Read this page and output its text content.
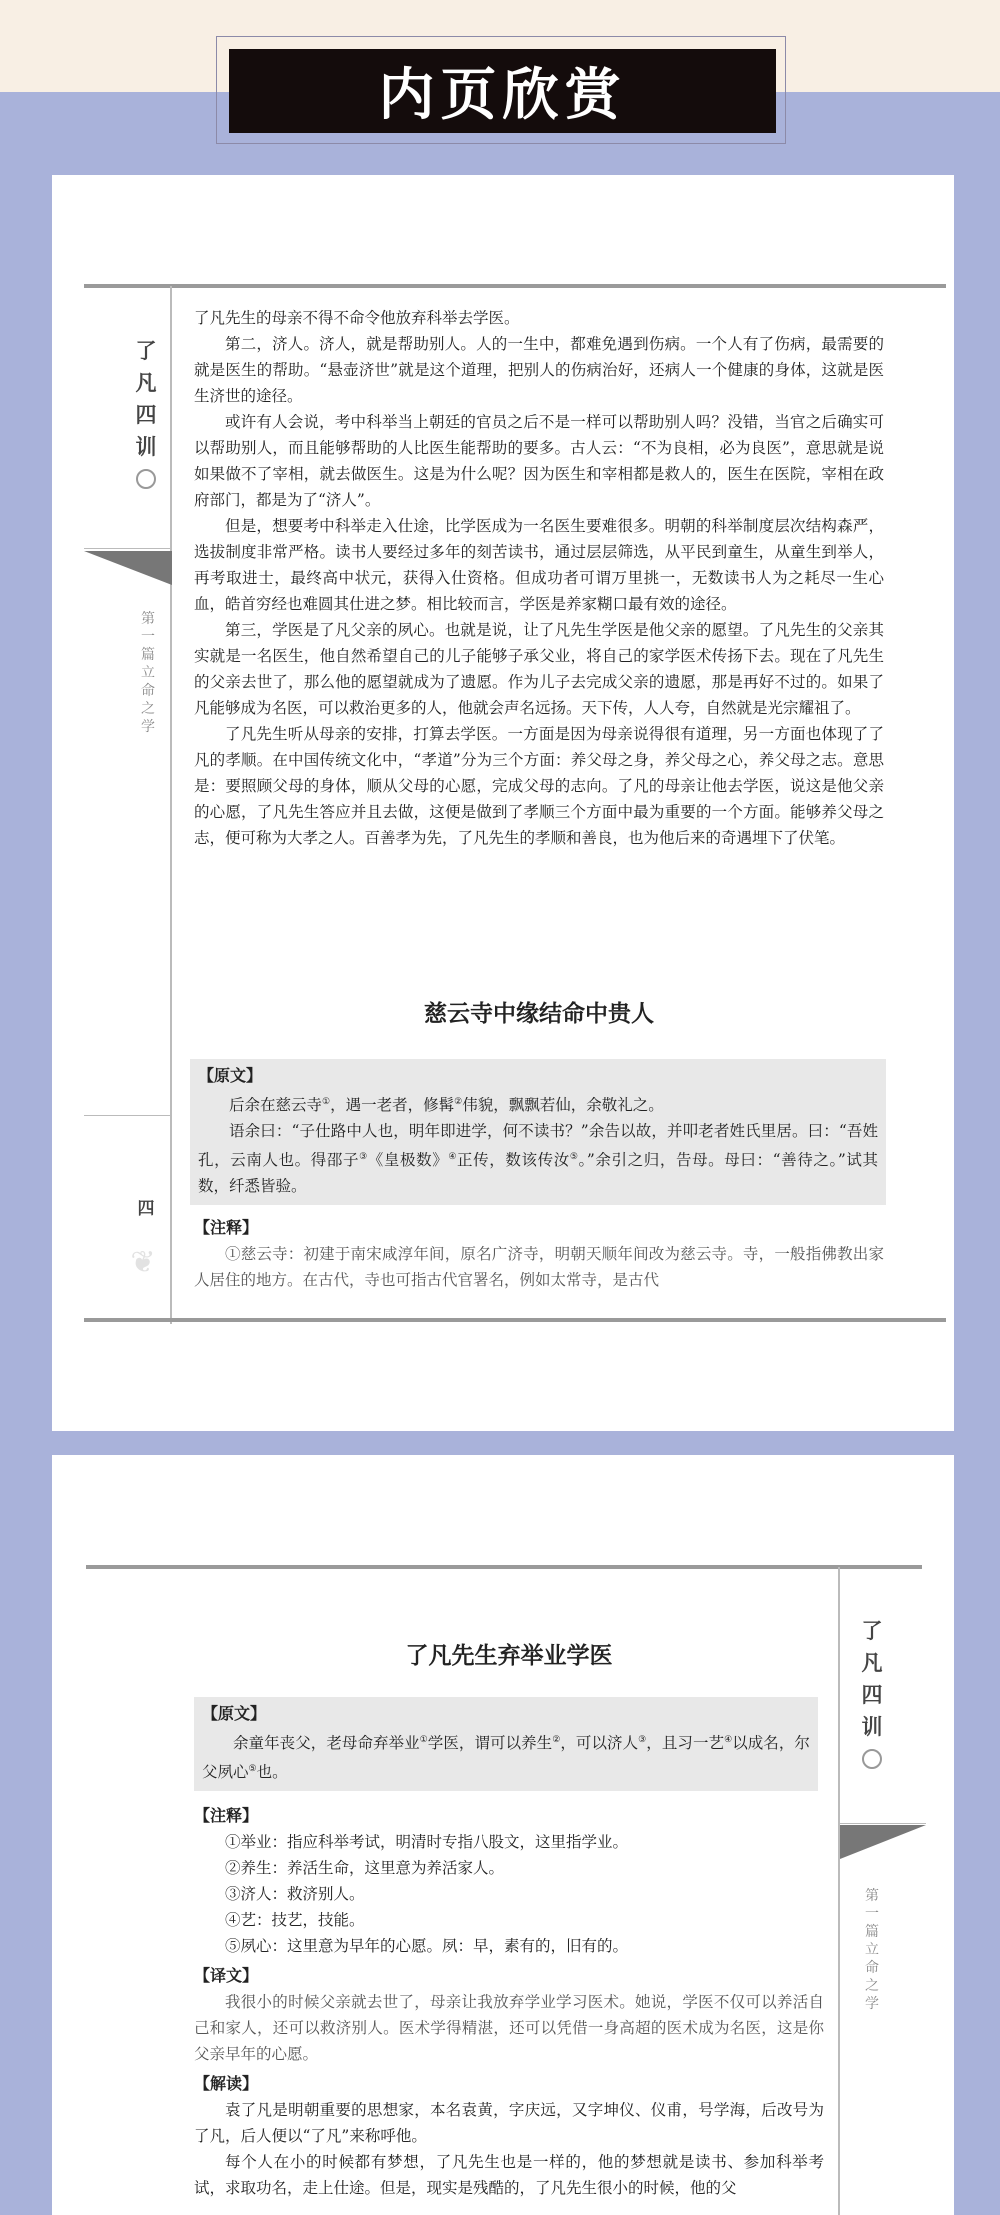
内页欣赏
了
凡
四
训
第一篇 立命之学
四
❦

了凡先生的母亲不得不命令他放弃科举去学医。

第二，济人。济人，就是帮助别人。人的一生中，都难免遇到伤病。一个人有了伤病，最需要的就是医生的帮助。“悬壶济世”就是这个道理，把别人的伤病治好，还病人一个健康的身体，这就是医生济世的途径。

或许有人会说，考中科举当上朝廷的官员之后不是一样可以帮助别人吗？没错，当官之后确实可以帮助别人，而且能够帮助的人比医生能帮助的要多。古人云：“不为良相，必为良医”，意思就是说如果做不了宰相，就去做医生。这是为什么呢？因为医生和宰相都是救人的，医生在医院，宰相在政府部门，都是为了“济人”。

但是，想要考中科举走入仕途，比学医成为一名医生要难很多。明朝的科举制度层次结构森严，选拔制度非常严格。读书人要经过多年的刻苦读书，通过层层筛选，从平民到童生，从童生到举人，再考取进士，最终高中状元，获得入仕资格。但成功者可谓万里挑一，无数读书人为之耗尽一生心血，皓首穷经也难圆其仕进之梦。相比较而言，学医是养家糊口最有效的途径。

第三，学医是了凡父亲的夙心。也就是说，让了凡先生学医是他父亲的愿望。了凡先生的父亲其实就是一名医生，他自然希望自己的儿子能够子承父业，将自己的家学医术传扬下去。现在了凡先生的父亲去世了，那么他的愿望就成为了遗愿。作为儿子去完成父亲的遗愿，那是再好不过的。如果了凡能够成为名医，可以救治更多的人，他就会声名远扬。天下传，人人夸，自然就是光宗耀祖了。

了凡先生听从母亲的安排，打算去学医。一方面是因为母亲说得很有道理，另一方面也体现了了凡的孝顺。在中国传统文化中，“孝道”分为三个方面：养父母之身，养父母之心，养父母之志。意思是：要照顾父母的身体，顺从父母的心愿，完成父母的志向。了凡的母亲让他去学医，说这是他父亲的心愿，了凡先生答应并且去做，这便是做到了孝顺三个方面中最为重要的一个方面。能够养父母之志，便可称为大孝之人。百善孝为先，了凡先生的孝顺和善良，也为他后来的奇遇埋下了伏笔。

慈云寺中缘结命中贵人
【原文】

后余在慈云寺①，遇一老者，修髯②伟貌，飘飘若仙，余敬礼之。

语余曰：“子仕路中人也，明年即进学，何不读书？”余告以故，并叩老者姓氏里居。曰：“吾姓孔，云南人也。得邵子③《皇极数》④正传，数该传汝⑤。”余引之归，告母。母曰：“善待之。”试其数，纤悉皆验。

【注释】

①慈云寺：初建于南宋咸淳年间，原名广济寺，明朝天顺年间改为慈云寺。寺，一般指佛教出家人居住的地方。在古代，寺也可指古代官署名，例如太常寺，是古代

了
凡
四
训
第一篇 立命之学
了凡先生弃举业学医
【原文】

余童年丧父，老母命弃举业①学医，谓可以养生②，可以济人③，且习一艺④以成名，尔父夙心⑤也。

【注释】

①举业：指应科举考试，明清时专指八股文，这里指学业。

②养生：养活生命，这里意为养活家人。

③济人：救济别人。

④艺：技艺，技能。

⑤夙心：这里意为早年的心愿。夙：早，素有的，旧有的。

【译文】

我很小的时候父亲就去世了，母亲让我放弃学业学习医术。她说，学医不仅可以养活自己和家人，还可以救济别人。医术学得精湛，还可以凭借一身高超的医术成为名医，这是你父亲早年的心愿。

【解读】

袁了凡是明朝重要的思想家，本名袁黄，字庆远，又字坤仪、仪甫，号学海，后改号为了凡，后人便以“了凡”来称呼他。

每个人在小的时候都有梦想，了凡先生也是一样的，他的梦想就是读书、参加科举考试，求取功名，走上仕途。但是，现实是残酷的，了凡先生很小的时候，他的父
